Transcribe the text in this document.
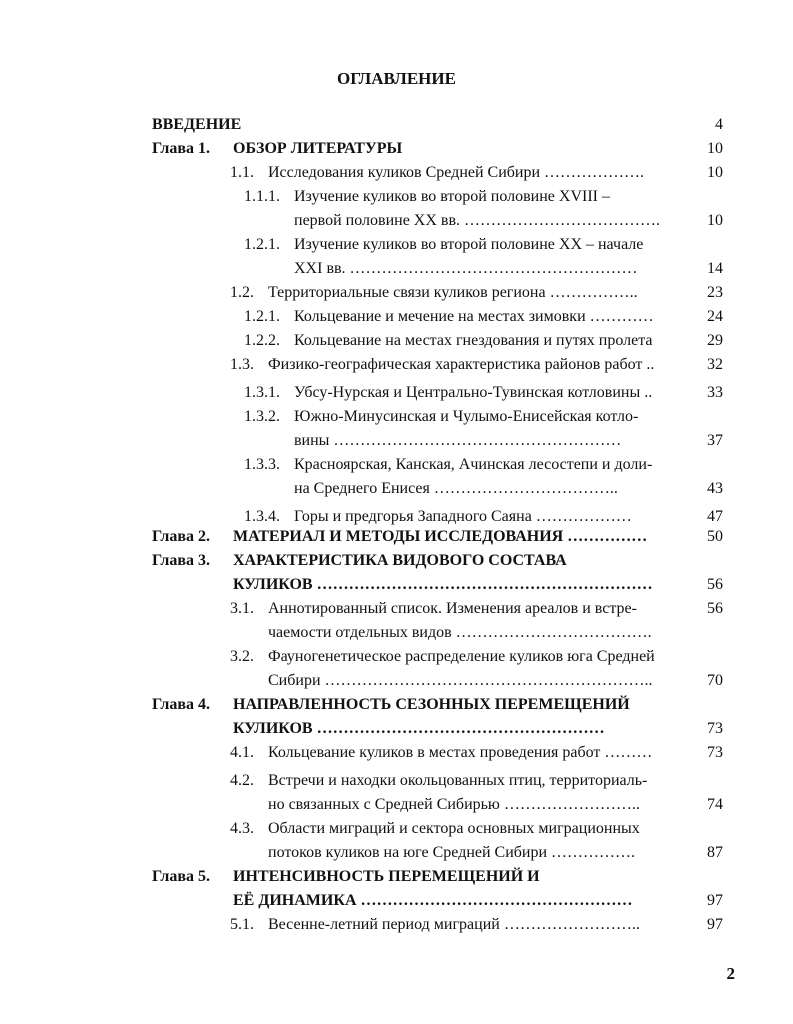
ОГЛАВЛЕНИЕ
ВВЕДЕНИЕ	4
Глава 1. ОБЗОР ЛИТЕРАТУРЫ	10
1.1. Исследования куликов Средней Сибири ……………….	10
1.1.1. Изучение куликов во второй половине XVIII –
первой половине XX вв. ……………………………….	10
1.2.1. Изучение куликов во второй половине XX – начале
XXI вв. ………………………………………………	14
1.2. Территориальные связи куликов региона ……………..	23
1.2.1. Кольцевание и мечение на местах зимовки …………	24
1.2.2. Кольцевание на местах гнездования и путях пролета	29
1.3. Физико-географическая характеристика районов работ ..	32
1.3.1. Убсу-Нурская и Центрально-Тувинская котловины ..	33
1.3.2. Южно-Минусинская и Чулымо-Енисейская котло-
вины ………………………………………………	37
1.3.3. Красноярская, Канская, Ачинская лесостепи и доли-
на Среднего Енисея ……………………………..	43
1.3.4. Горы и предгорья Западного Саяна ………………	47
Глава 2. МАТЕРИАЛ И МЕТОДЫ ИССЛЕДОВАНИЯ ……………	50
Глава 3. ХАРАКТЕРИСТИКА ВИДОВОГО СОСТАВА
КУЛИКОВ ………………………………………………………	56
3.1. Аннотированный список. Изменения ареалов и встре-	56
чаемости отдельных видов ……………………………….
3.2. Фауногенетическое распределение куликов юга Средней
Сибири ……………………………………………………..	70
Глава 4. НАПРАВЛЕННОСТЬ СЕЗОННЫХ ПЕРЕМЕЩЕНИЙ
КУЛИКОВ ………………………………………………	73
4.1. Кольцевание куликов в местах проведения работ ………	73
4.2. Встречи и находки окольцованных птиц, территориаль-
но связанных с Средней Сибирью ……………………..	74
4.3. Области миграций и сектора основных миграционных
потоков куликов на юге Средней Сибири …………….	87
Глава 5. ИНТЕНСИВНОСТЬ ПЕРЕМЕЩЕНИЙ И
ЕЁ ДИНАМИКА ……………………………………………	97
5.1. Весенне-летний период миграций ……………………..	97
2
